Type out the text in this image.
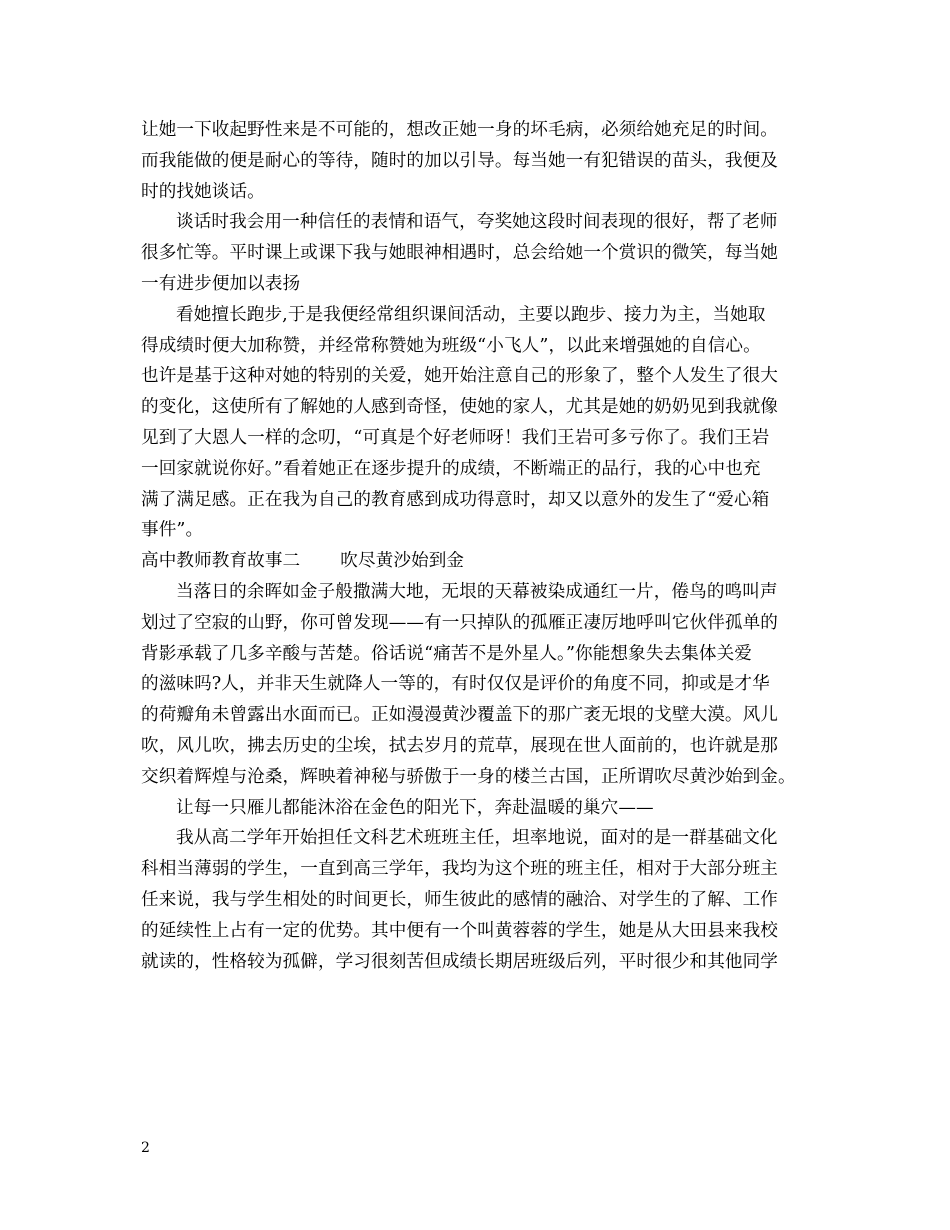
让她一下收起野性来是不可能的，想改正她一身的坏毛病，必须给她充足的时间。
而我能做的便是耐心的等待，随时的加以引导。每当她一有犯错误的苗头，我便及
时的找她谈话。
谈话时我会用一种信任的表情和语气，夸奖她这段时间表现的很好，帮了老师
很多忙等。平时课上或课下我与她眼神相遇时，总会给她一个赏识的微笑，每当她
一有进步便加以表扬
看她擅长跑步,于是我便经常组织课间活动，主要以跑步、接力为主，当她取
得成绩时便大加称赞，并经常称赞她为班级“小飞人”，以此来增强她的自信心。
也许是基于这种对她的特别的关爱，她开始注意自己的形象了，整个人发生了很大
的变化，这使所有了解她的人感到奇怪，使她的家人，尤其是她的奶奶见到我就像
见到了大恩人一样的念叨，“可真是个好老师呀！我们王岩可多亏你了。我们王岩
一回家就说你好。”看着她正在逐步提升的成绩，不断端正的品行，我的心中也充
满了满足感。正在我为自己的教育感到成功得意时，却又以意外的发生了“爱心箱
事件”。
高中教师教育故事二 吹尽黄沙始到金
当落日的余晖如金子般撒满大地，无垠的天幕被染成通红一片，倦鸟的鸣叫声
划过了空寂的山野，你可曾发现——有一只掉队的孤雁正凄厉地呼叫它伙伴孤单的
背影承载了几多辛酸与苦楚。俗话说“痛苦不是外星人。”你能想象失去集体关爱
的滋味吗?人，并非天生就降人一等的，有时仅仅是评价的角度不同，抑或是才华
的荷瓣角未曾露出水面而已。正如漫漫黄沙覆盖下的那广袤无垠的戈壁大漠。风儿
吹，风儿吹，拂去历史的尘埃，拭去岁月的荒草，展现在世人面前的，也许就是那
交织着辉煌与沧桑，辉映着神秘与骄傲于一身的楼兰古国，正所谓吹尽黄沙始到金。
让每一只雁儿都能沐浴在金色的阳光下，奔赴温暖的巢穴——
我从高二学年开始担任文科艺术班班主任，坦率地说，面对的是一群基础文化
科相当薄弱的学生，一直到高三学年，我均为这个班的班主任，相对于大部分班主
任来说，我与学生相处的时间更长，师生彼此的感情的融洽、对学生的了解、工作
的延续性上占有一定的优势。其中便有一个叫黄蓉蓉的学生，她是从大田县来我校
就读的，性格较为孤僻，学习很刻苦但成绩长期居班级后列，平时很少和其他同学
2
